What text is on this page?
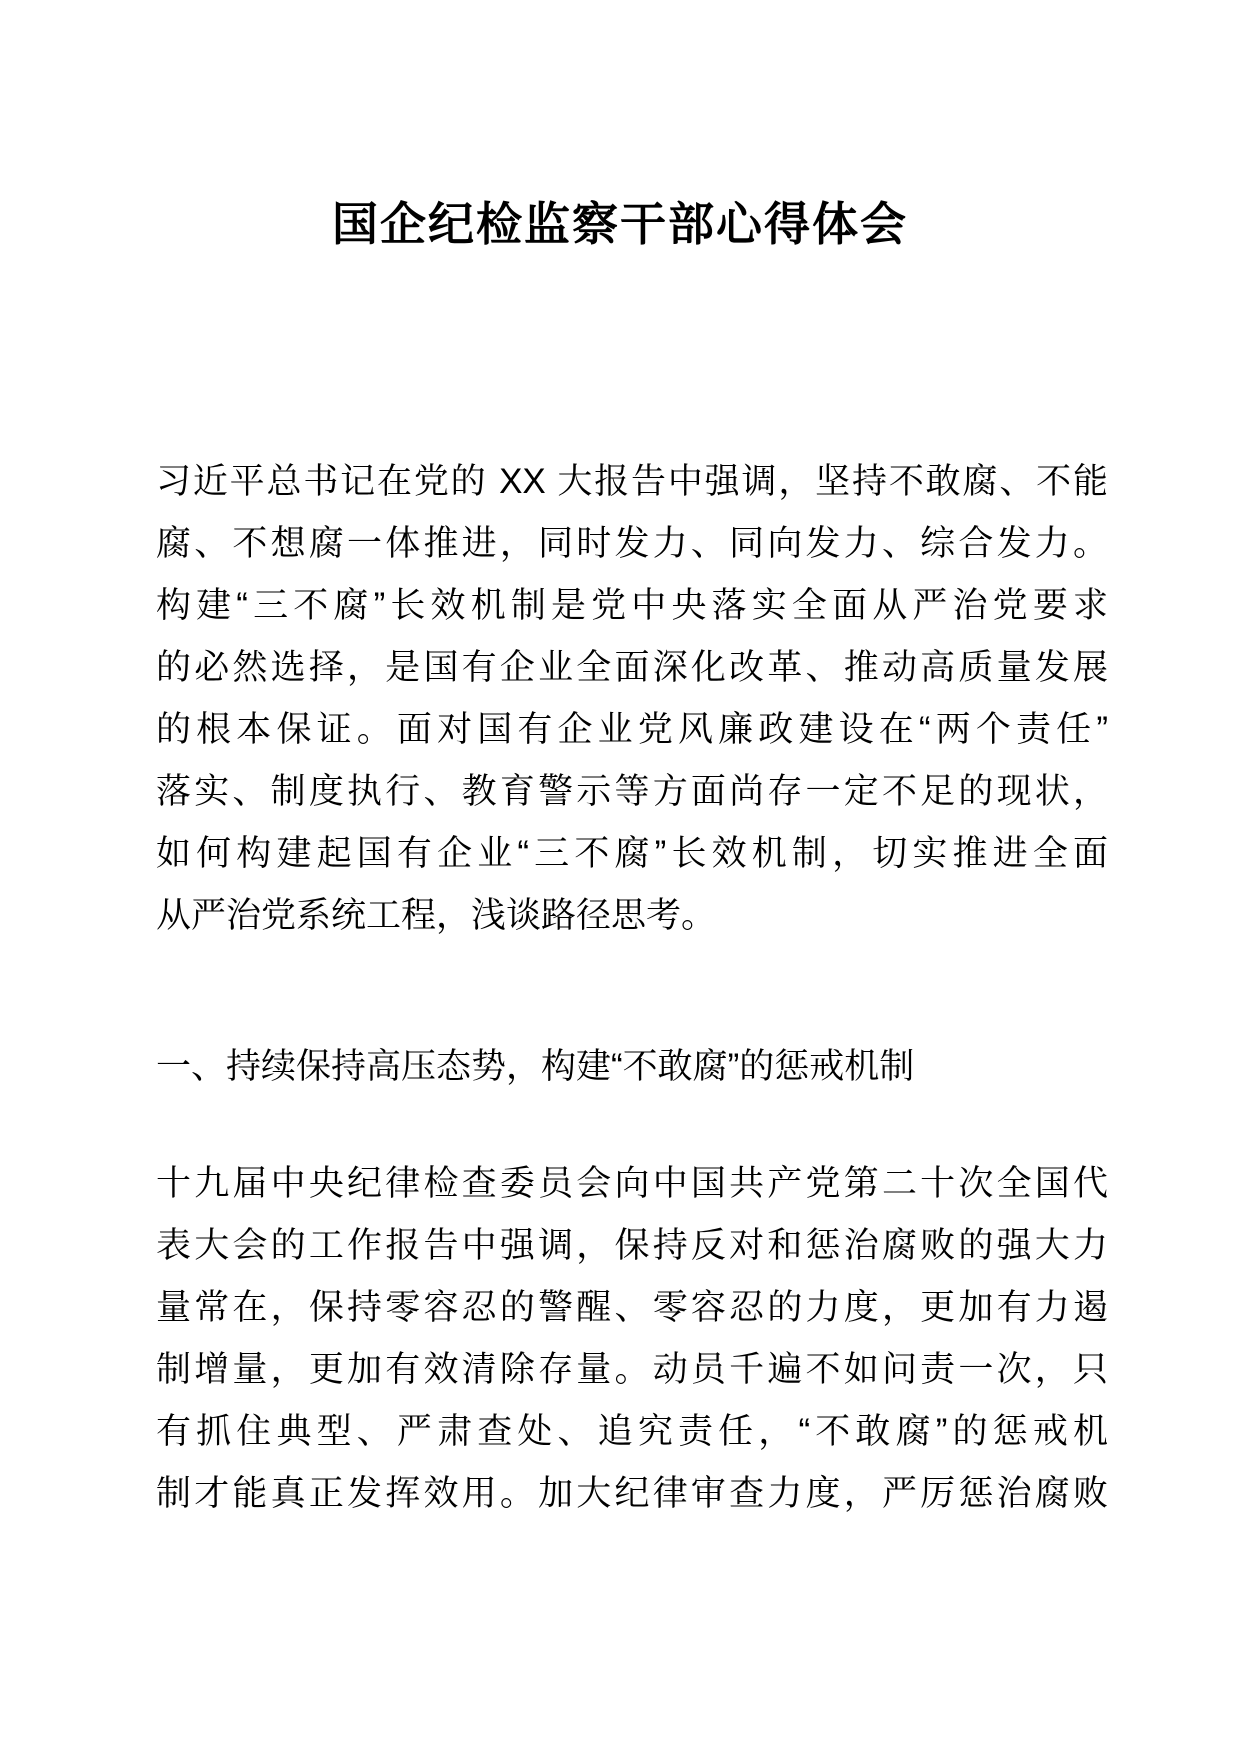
国企纪检监察干部心得体会
习近平总书记在党的 XX 大报告中强调，坚持不敢腐、不能
腐、不想腐一体推进，同时发力、同向发力、综合发力。
构建“三不腐”长效机制是党中央落实全面从严治党要求
的必然选择，是国有企业全面深化改革、推动高质量发展
的根本保证。面对国有企业党风廉政建设在“两个责任”
落实、制度执行、教育警示等方面尚存一定不足的现状，
如何构建起国有企业“三不腐”长效机制，切实推进全面
从严治党系统工程，浅谈路径思考。
一、持续保持高压态势，构建“不敢腐”的惩戒机制
十九届中央纪律检查委员会向中国共产党第二十次全国代
表大会的工作报告中强调，保持反对和惩治腐败的强大力
量常在，保持零容忍的警醒、零容忍的力度，更加有力遏
制增量，更加有效清除存量。动员千遍不如问责一次，只
有抓住典型、严肃查处、追究责任，“不敢腐”的惩戒机
制才能真正发挥效用。加大纪律审查力度，严厉惩治腐败
